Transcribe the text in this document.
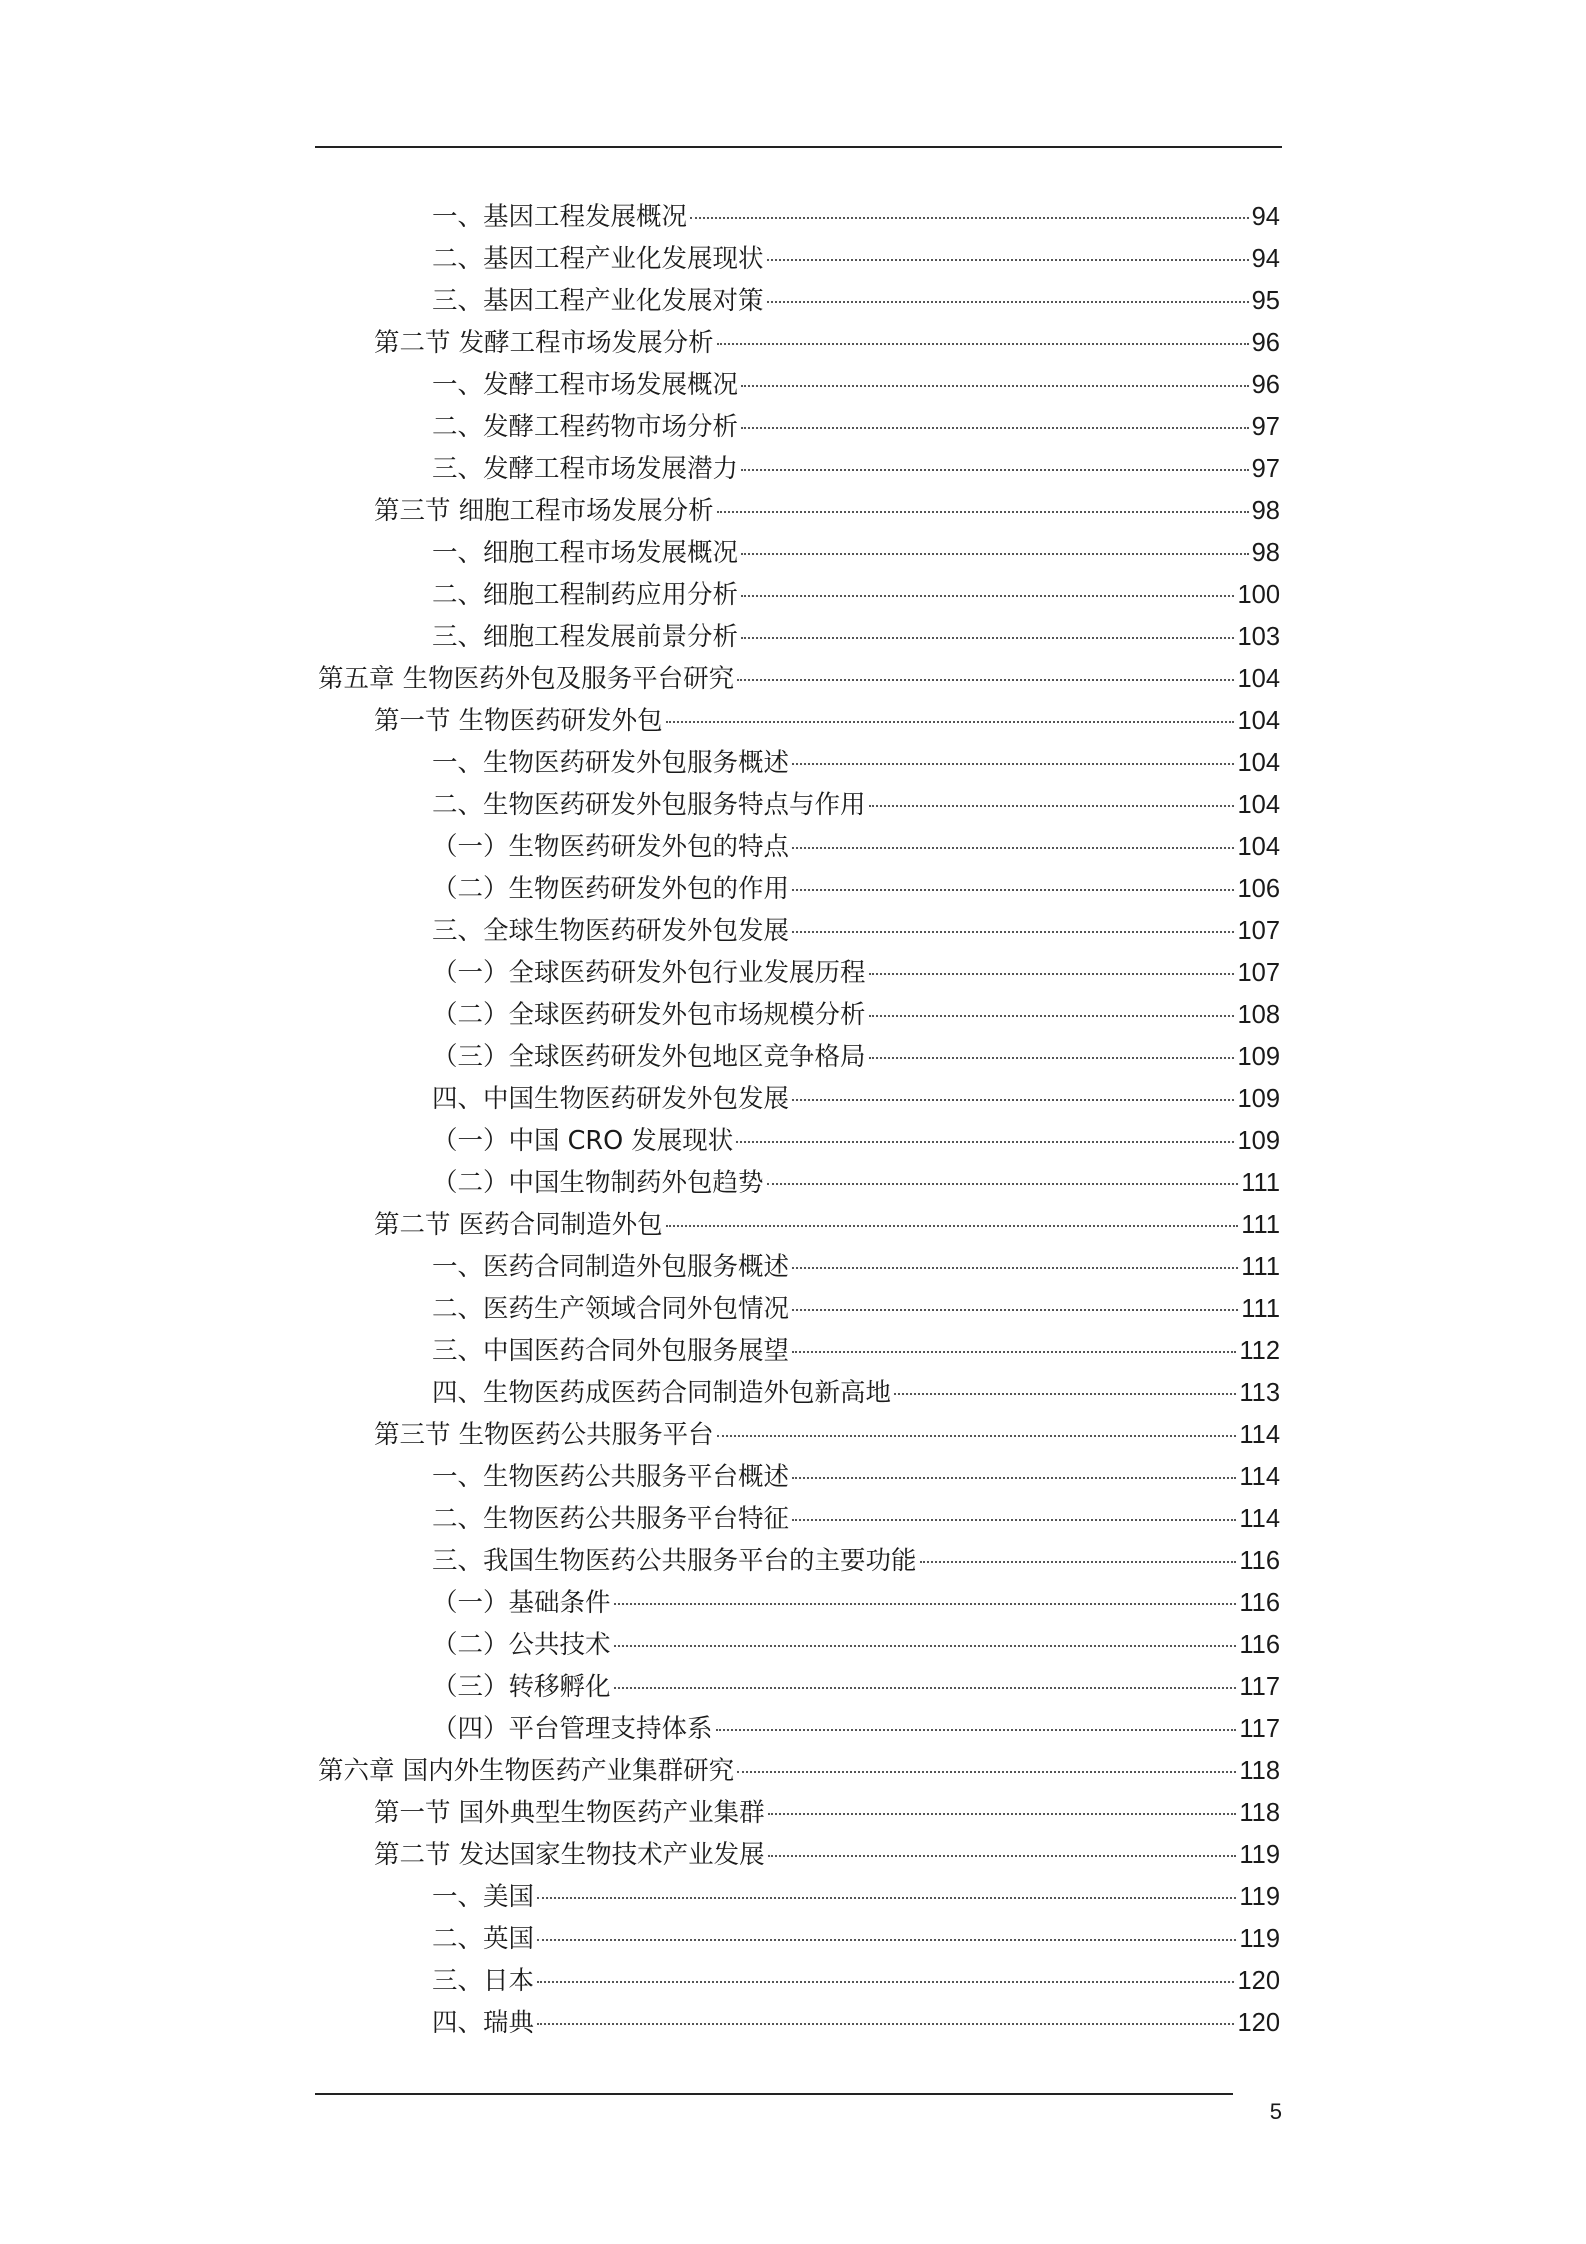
一、基因工程发展概况	94
二、基因工程产业化发展现状	94
三、基因工程产业化发展对策	95
第二节 发酵工程市场发展分析	96
一、发酵工程市场发展概况	96
二、发酵工程药物市场分析	97
三、发酵工程市场发展潜力	97
第三节 细胞工程市场发展分析	98
一、细胞工程市场发展概况	98
二、细胞工程制药应用分析	100
三、细胞工程发展前景分析	103
第五章 生物医药外包及服务平台研究	104
第一节 生物医药研发外包	104
一、生物医药研发外包服务概述	104
二、生物医药研发外包服务特点与作用	104
（一）生物医药研发外包的特点	104
（二）生物医药研发外包的作用	106
三、全球生物医药研发外包发展	107
（一）全球医药研发外包行业发展历程	107
（二）全球医药研发外包市场规模分析	108
（三）全球医药研发外包地区竞争格局	109
四、中国生物医药研发外包发展	109
（一）中国 CRO 发展现状	109
（二）中国生物制药外包趋势	111
第二节 医药合同制造外包	111
一、医药合同制造外包服务概述	111
二、医药生产领域合同外包情况	111
三、中国医药合同外包服务展望	112
四、生物医药成医药合同制造外包新高地	113
第三节 生物医药公共服务平台	114
一、生物医药公共服务平台概述	114
二、生物医药公共服务平台特征	114
三、我国生物医药公共服务平台的主要功能	116
（一）基础条件	116
（二）公共技术	116
（三）转移孵化	117
（四）平台管理支持体系	117
第六章 国内外生物医药产业集群研究	118
第一节 国外典型生物医药产业集群	118
第二节 发达国家生物技术产业发展	119
一、美国	119
二、英国	119
三、日本	120
四、瑞典	120
5
